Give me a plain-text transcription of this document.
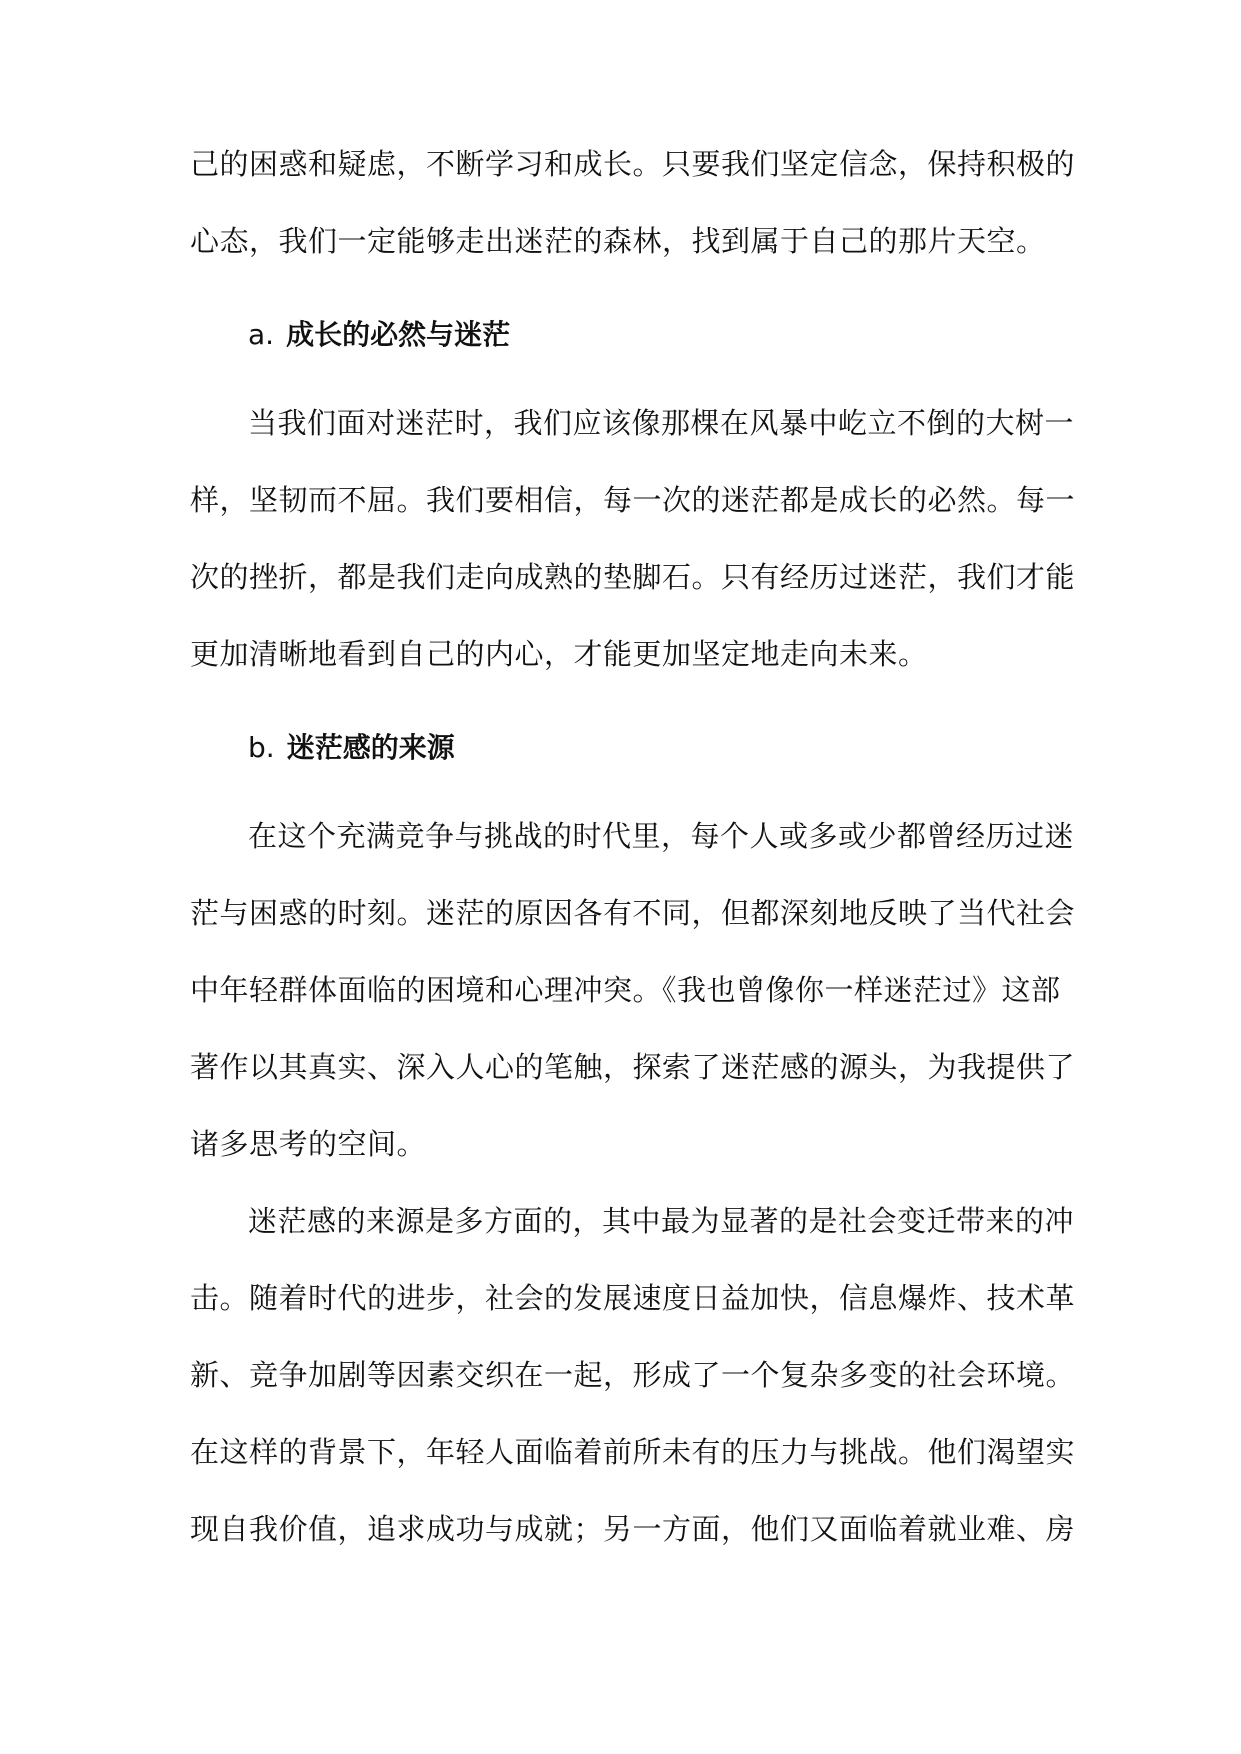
己的困惑和疑虑，不断学习和成长。只要我们坚定信念，保持积极的
心态，我们一定能够走出迷茫的森林，找到属于自己的那片天空。
a. 成长的必然与迷茫
当我们面对迷茫时，我们应该像那棵在风暴中屹立不倒的大树一
样，坚韧而不屈。我们要相信，每一次的迷茫都是成长的必然。每一
次的挫折，都是我们走向成熟的垫脚石。只有经历过迷茫，我们才能
更加清晰地看到自己的内心，才能更加坚定地走向未来。
b. 迷茫感的来源
在这个充满竞争与挑战的时代里，每个人或多或少都曾经历过迷
茫与困惑的时刻。迷茫的原因各有不同，但都深刻地反映了当代社会
中年轻群体面临的困境和心理冲突。《我也曾像你一样迷茫过》这部
著作以其真实、深入人心的笔触，探索了迷茫感的源头，为我提供了
诸多思考的空间。
迷茫感的来源是多方面的，其中最为显著的是社会变迁带来的冲
击。随着时代的进步，社会的发展速度日益加快，信息爆炸、技术革
新、竞争加剧等因素交织在一起，形成了一个复杂多变的社会环境。
在这样的背景下，年轻人面临着前所未有的压力与挑战。他们渴望实
现自我价值，追求成功与成就；另一方面，他们又面临着就业难、房
